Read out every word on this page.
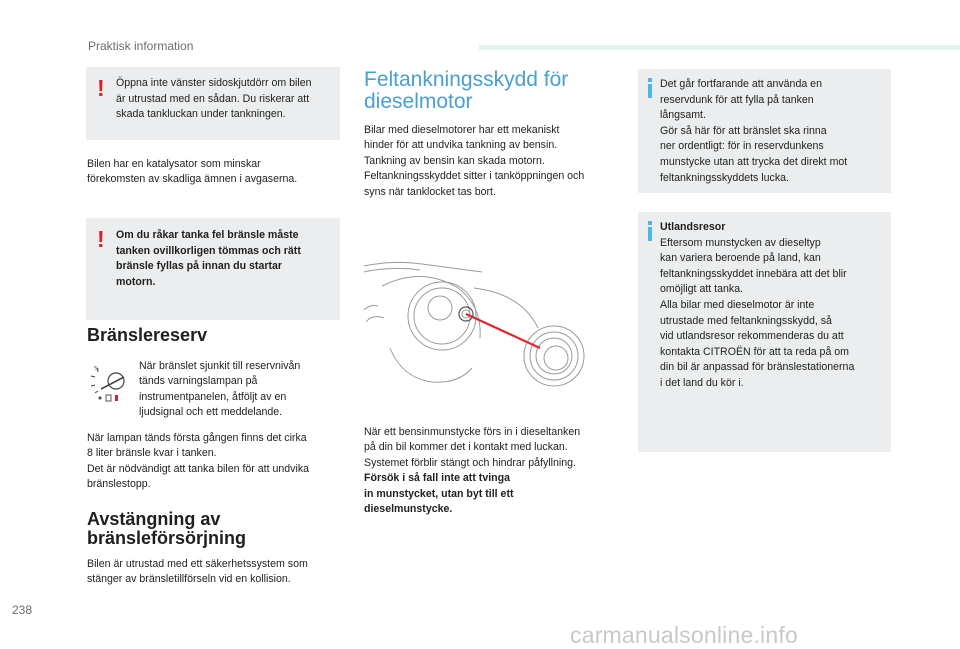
Praktisk information
! Öppna inte vänster sidoskjutdörr om bilen
är utrustad med en sådan. Du riskerar att
skada tankluckan under tankningen.
Bilen har en katalysator som minskar
förekomsten av skadliga ämnen i avgaserna.
! Om du råkar tanka fel bränsle måste
tanken ovillkorligen tömmas och rätt
bränsle fyllas på innan du startar
motorn.
Bränslereserv
%	När bränslet sjunkit till reservnivån
tänds varningslampan på
instrumentpanelen, åtföljt av en
ljudsignal och ett meddelande.
När lampan tänds första gången finns det cirka
8 liter bränsle kvar i tanken.
Det är nödvändigt att tanka bilen för att undvika
bränslestopp.
Avstängning av
bränsleförsörjning
Bilen är utrustad med ett säkerhetssystem som
stänger av bränsletillförseln vid en kollision.
Feltankningsskydd för
dieselmotor
Bilar med dieselmotorer har ett mekaniskt
hinder för att undvika tankning av bensin.
Tankning av bensin kan skada motorn.
Feltankningsskyddet sitter i tanköppningen och
syns när tanklocket tas bort.
När ett bensinmunstycke förs in i dieseltanken
på din bil kommer det i kontakt med luckan.
Systemet förblir stängt och hindrar påfyllning.
Försök i så fall inte att tvinga
in munstycket, utan byt till ett
dieselmunstycke.
Det går fortfarande att använda en
reservdunk för att fylla på tanken
långsamt.
Gör så här för att bränslet ska rinna
ner ordentligt: för in reservdunkens
munstycke utan att trycka det direkt mot
feltankningsskyddets lucka.
Utlandsresor
Eftersom munstycken av dieseltyp
kan variera beroende på land, kan
feltankningsskyddet innebära att det blir
omöjligt att tanka.
Alla bilar med dieselmotor är inte
utrustade med feltankningsskydd, så
vid utlandsresor rekommenderas du att
kontakta CITROËN för att ta reda på om
din bil är anpassad för bränslestationerna
i det land du kör i.
238
carmanualsonline.info
